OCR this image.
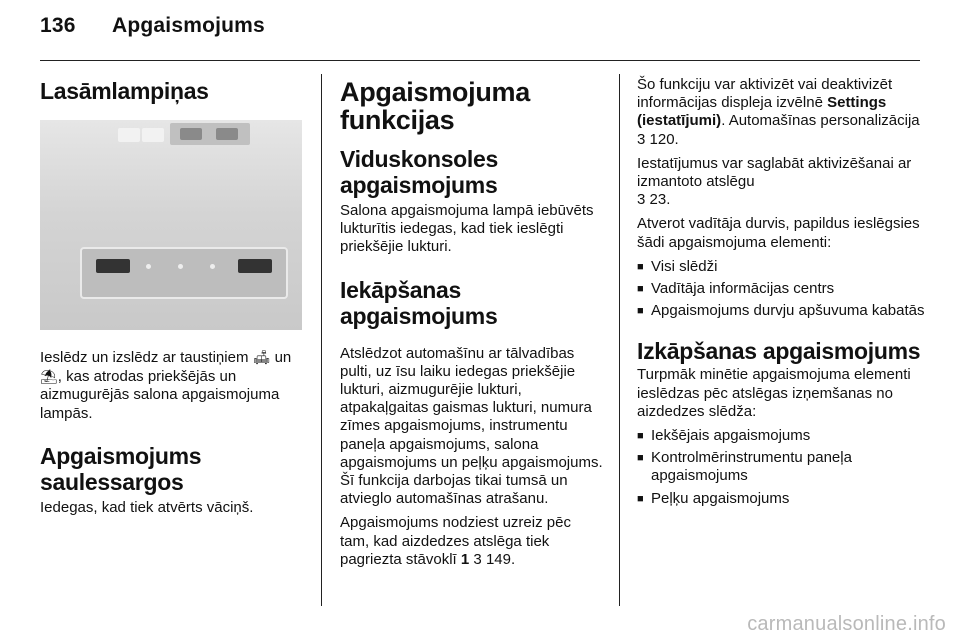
136 Apgaismojums
Lasāmlampiņas

Ieslēdz un izslēdz ar taustiņiem 🛋 un
⛱, kas atrodas priekšējās un aizmugurējās salona apgaismojuma lampās.

Apgaismojums
saulessargos

Iedegas, kad tiek atvērts vāciņš.

Apgaismojuma
funkcijas
Viduskonsoles
apgaismojums

Salona apgaismojuma lampā iebūvēts lukturītis iedegas, kad tiek ieslēgti priekšējie lukturi.

Iekāpšanas apgaismojums

Atslēdzot automašīnu ar tālvadības pulti, uz īsu laiku iedegas priekšējie lukturi, aizmugurējie lukturi, atpakaļgaitas gaismas lukturi, numura zīmes apgaismojums, instrumentu paneļa apgaismojums, salona apgaismojums un peļķu apgaismojums. Šī funkcija darbojas tikai tumsā un atvieglo automašīnas atrašanu.

Apgaismojums nodziest uzreiz pēc tam, kad aizdedzes atslēga tiek pagriezta stāvoklī 1 3 149.

Šo funkciju var aktivizēt vai deaktivizēt informācijas displeja izvēlnē Settings (iestatījumi). Automašīnas personalizācija 3 120.

Iestatījumus var saglabāt aktivizēšanai ar izmantoto atslēgu
3 23.

Atverot vadītāja durvis, papildus ieslēgsies šādi apgaismojuma elementi:

■ Visi slēdži
■ Vadītāja informācijas centrs
■ Apgaismojums durvju apšuvuma kabatās
Izkāpšanas apgaismojums

Turpmāk minētie apgaismojuma elementi ieslēdzas pēc atslēgas izņemšanas no aizdedzes slēdža:

■ Iekšējais apgaismojums
■ Kontrolmērinstrumentu paneļa apgaismojums
■ Peļķu apgaismojums
carmanualsonline.info
